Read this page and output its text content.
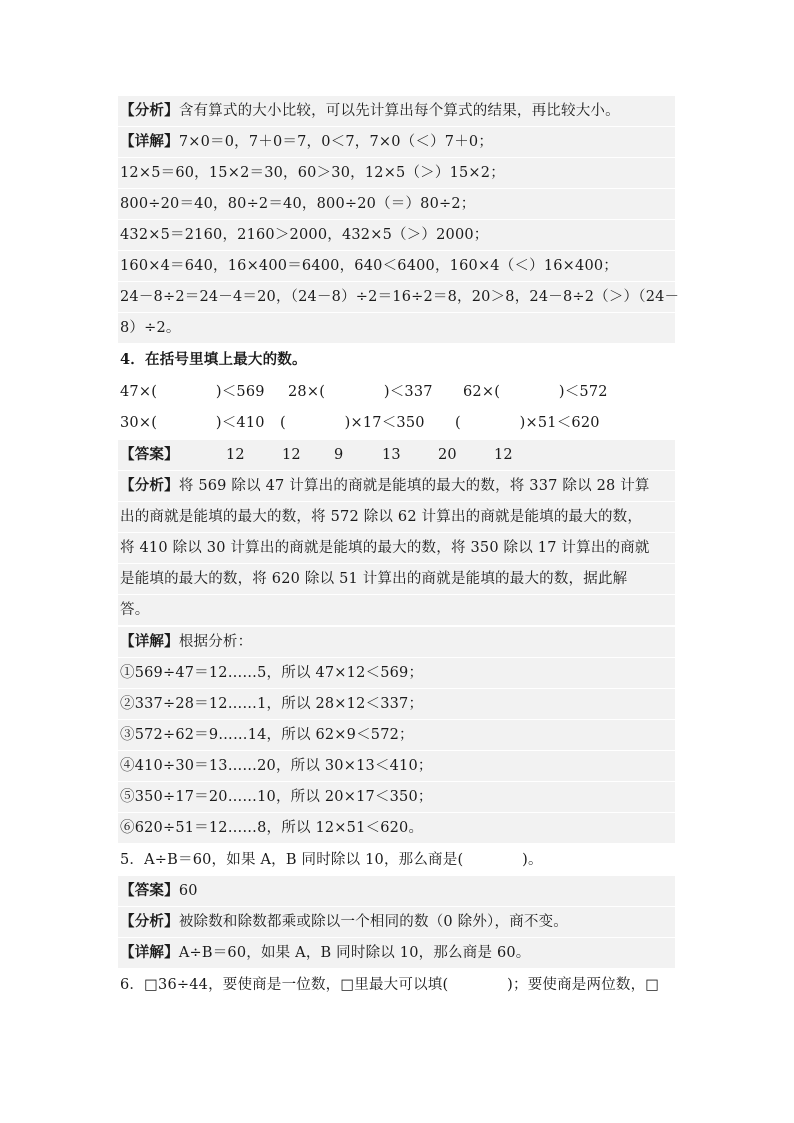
【分析】含有算式的大小比较，可以先计算出每个算式的结果，再比较大小。
【详解】7×0＝0，7＋0＝7，0＜7，7×0（＜）7＋0；
12×5＝60，15×2＝30，60＞30，12×5（＞）15×2；
800÷20＝40，80÷2＝40，800÷20（＝）80÷2；
432×5＝2160，2160＞2000，432×5（＞）2000；
160×4＝640，16×400＝6400，640＜6400，160×4（＜）16×400；
24－8÷2＝24－4＝20，（24－8）÷2＝16÷2＝8，20＞8，24－8÷2（＞）（24－
8）÷2。
4．在括号里填上最大的数。
47×(　　　　)＜569	28×(　　　　)＜337	62×(　　　　)＜572
30×(　　　　)＜410	(　　　　)×17＜350	(　　　　)×51＜620
【答案】	12	12 9	13	20	12
【分析】将 569 除以 47 计算出的商就是能填的最大的数，将 337 除以 28 计算
出的商就是能填的最大的数，将 572 除以 62 计算出的商就是能填的最大的数，
将 410 除以 30 计算出的商就是能填的最大的数，将 350 除以 17 计算出的商就
是能填的最大的数，将 620 除以 51 计算出的商就是能填的最大的数，据此解
答。
【详解】根据分析：
①569÷47＝12……5，所以 47×12＜569；
②337÷28＝12……1，所以 28×12＜337；
③572÷62＝9……14，所以 62×9＜572；
④410÷30＝13……20，所以 30×13＜410；
⑤350÷17＝20……10，所以 20×17＜350；
⑥620÷51＝12……8，所以 12×51＜620。
5．A÷B＝60，如果 A，B 同时除以 10，那么商是(　　　　)。
【答案】60
【分析】被除数和除数都乘或除以一个相同的数（0 除外），商不变。
【详解】A÷B＝60，如果 A，B 同时除以 10，那么商是 60。
6．□36÷44，要使商是一位数，□里最大可以填(　　　　)；要使商是两位数，□
